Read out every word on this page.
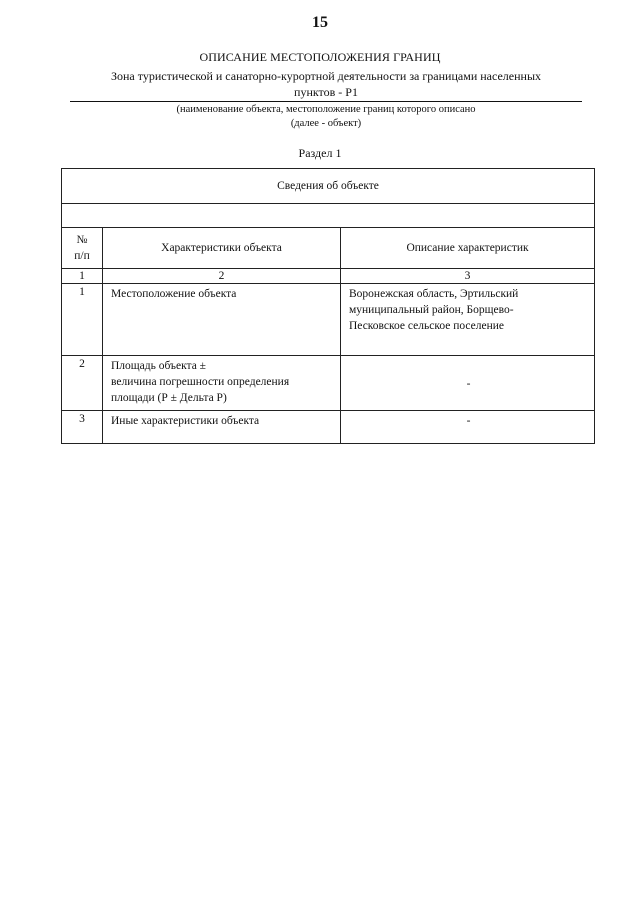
15
ОПИСАНИЕ МЕСТОПОЛОЖЕНИЯ ГРАНИЦ
Зона туристической и санаторно-курортной деятельности за границами населенных
пунктов - Р1
(наименование объекта, местоположение границ которого описано
(далее - объект)
Раздел 1
Сведения об объекте		

№
п/п	Характеристики объекта	Описание характеристик
1	2	3
1	Местоположение объекта	Воронежская область, Эртильский
муниципальный район, Борщево-
Песковское сельское поселение

2	Площадь объекта ±
величина погрешности определения
площади (Р ± Дельта Р)	-
3	Иные характеристики объекта	-
